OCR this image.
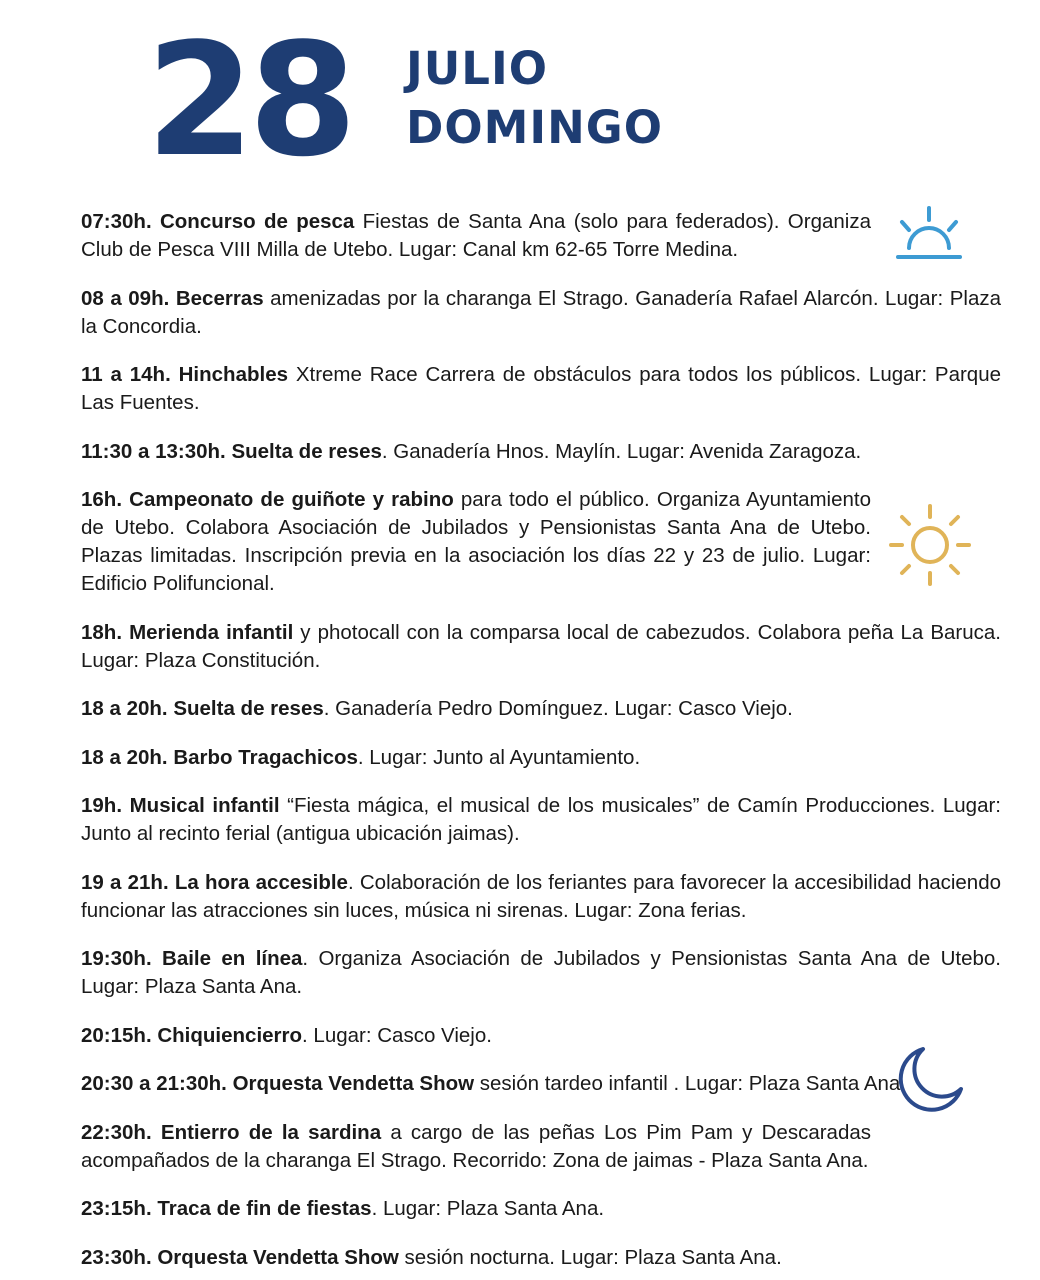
28 JULIO
DOMINGO

07:30h. Concurso de pesca Fiestas de Santa Ana (solo para federados). Organiza Club de Pesca VIII Milla de Utebo. Lugar: Canal km 62-65 Torre Medina.

08 a 09h. Becerras amenizadas por la charanga El Strago. Ganadería Rafael Alarcón. Lugar: Plaza la Concordia.

11 a 14h. Hinchables Xtreme Race Carrera de obstáculos para todos los públicos. Lugar: Parque Las Fuentes.

11:30 a 13:30h. Suelta de reses. Ganadería Hnos. Maylín. Lugar: Avenida Zaragoza.

16h. Campeonato de guiñote y rabino para todo el público. Organiza Ayuntamiento de Utebo. Colabora Asociación de Jubilados y Pensionistas Santa Ana de Utebo. Plazas limitadas. Inscripción previa en la asociación los días 22 y 23 de julio. Lugar: Edificio Polifuncional.

18h. Merienda infantil y photocall con la comparsa local de cabezudos. Colabora peña La Baruca. Lugar: Plaza Constitución.

18 a 20h. Suelta de reses. Ganadería Pedro Domínguez. Lugar: Casco Viejo.

18 a 20h. Barbo Tragachicos. Lugar: Junto al Ayuntamiento.

19h. Musical infantil “Fiesta mágica, el musical de los musicales” de Camín Producciones. Lugar: Junto al recinto ferial (antigua ubicación jaimas).

19 a 21h. La hora accesible. Colaboración de los feriantes para favorecer la accesibilidad haciendo funcionar las atracciones sin luces, música ni sirenas. Lugar: Zona ferias.

19:30h. Baile en línea. Organiza Asociación de Jubilados y Pensionistas Santa Ana de Utebo. Lugar: Plaza Santa Ana.

20:15h. Chiquiencierro. Lugar: Casco Viejo.

20:30 a 21:30h. Orquesta Vendetta Show sesión tardeo infantil . Lugar: Plaza Santa Ana.

22:30h. Entierro de la sardina a cargo de las peñas Los Pim Pam y Descaradas acompañados de la charanga El Strago. Recorrido: Zona de jaimas - Plaza Santa Ana.

23:15h. Traca de fin de fiestas. Lugar: Plaza Santa Ana.

23:30h. Orquesta Vendetta Show sesión nocturna. Lugar: Plaza Santa Ana.
